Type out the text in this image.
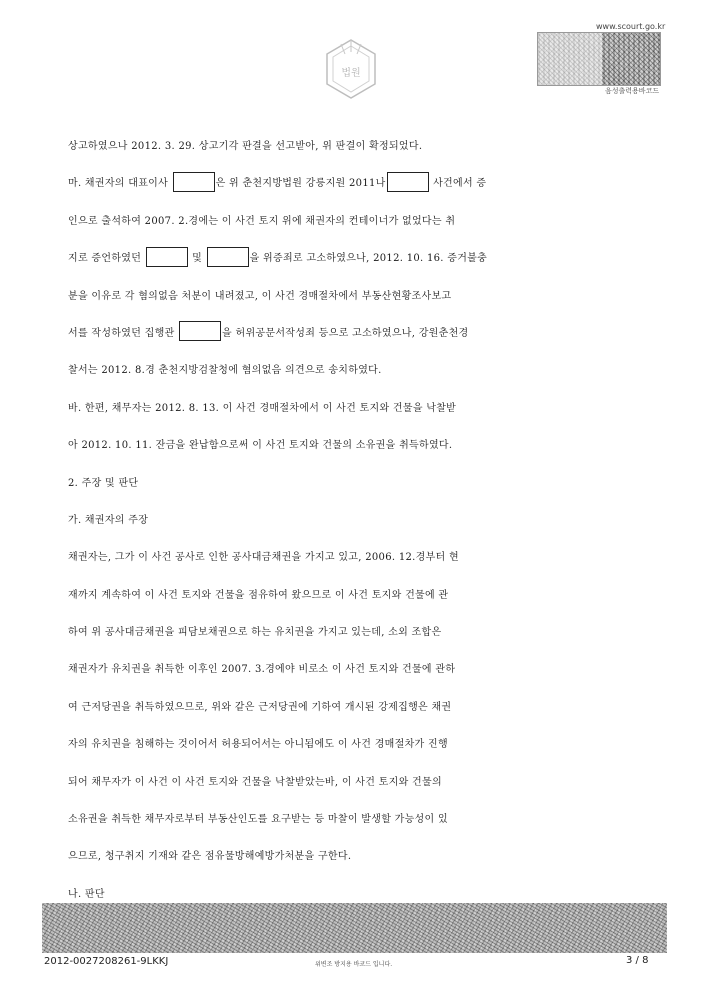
법원
www.scourt.go.kr
음성출력용바코드
상고하였으나 2012. 3. 29. 상고기각 판결을 선고받아, 위 판결이 확정되었다.
마. 채권자의 대표이사	은 위 춘천지방법원 강릉지원 2011나	사건에서 증
인으로 출석하여 2007. 2.경에는 이 사건 토지 위에 채권자의 컨테이너가 없었다는 취
지로 증언하였던	및	을 위증죄로 고소하였으나, 2012. 10. 16. 증거불충
분을 이유로 각 혐의없음 처분이 내려졌고, 이 사건 경매절차에서 부동산현황조사보고
서를 작성하였던 집행관	을 허위공문서작성죄 등으로 고소하였으나, 강원춘천경
찰서는 2012. 8.경 춘천지방검찰청에 혐의없음 의견으로 송치하였다.
바. 한편, 채무자는 2012. 8. 13. 이 사건 경매절차에서 이 사건 토지와 건물을 낙찰받
아 2012. 10. 11. 잔금을 완납함으로써 이 사건 토지와 건물의 소유권을 취득하였다.
2. 주장 및 판단
가. 채권자의 주장
채권자는, 그가 이 사건 공사로 인한 공사대금채권을 가지고 있고, 2006. 12.경부터 현
재까지 계속하여 이 사건 토지와 건물을 점유하여 왔으므로 이 사건 토지와 건물에 관
하여 위 공사대금채권을 피담보채권으로 하는 유치권을 가지고 있는데, 소외 조합은
채권자가 유치권을 취득한 이후인 2007. 3.경에야 비로소 이 사건 토지와 건물에 관하
여 근저당권을 취득하였으므로, 위와 같은 근저당권에 기하여 개시된 강제집행은 채권
자의 유치권을 침해하는 것이어서 허용되어서는 아니됨에도 이 사건 경매절차가 진행
되어 채무자가 이 사건 이 사건 토지와 건물을 낙찰받았는바, 이 사건 토지와 건물의
소유권을 취득한 채무자로부터 부동산인도를 요구받는 등 마찰이 발생할 가능성이 있
으므로, 청구취지 기재와 같은 점유물방해예방가처분을 구한다.
나. 판단
2012-0027208261-9LKKJ	위변조 방지용 바코드 입니다.	3 / 8
